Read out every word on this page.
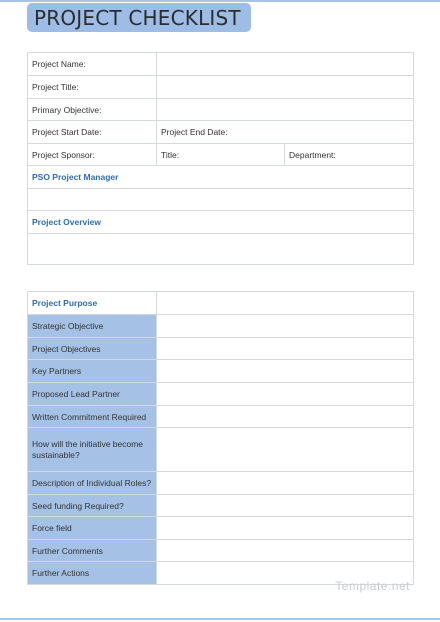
PROJECT CHECKLIST
Project Name:		
Project Title:		
Primary Objective:		
Project Start Date:	Project End Date:	
Project Sponsor:	Title:	Department:
PSO Project Manager		

Project Overview		

Project Purpose	
Strategic Objective	
Project Objectives	
Key Partners	
Proposed Lead Partner	
Written Commitment Required	
How will the initiative become sustainable?	
Description of Individual Roles?	
Seed funding Required?	
Force field	
Further Comments	
Further Actions	
Template.net
